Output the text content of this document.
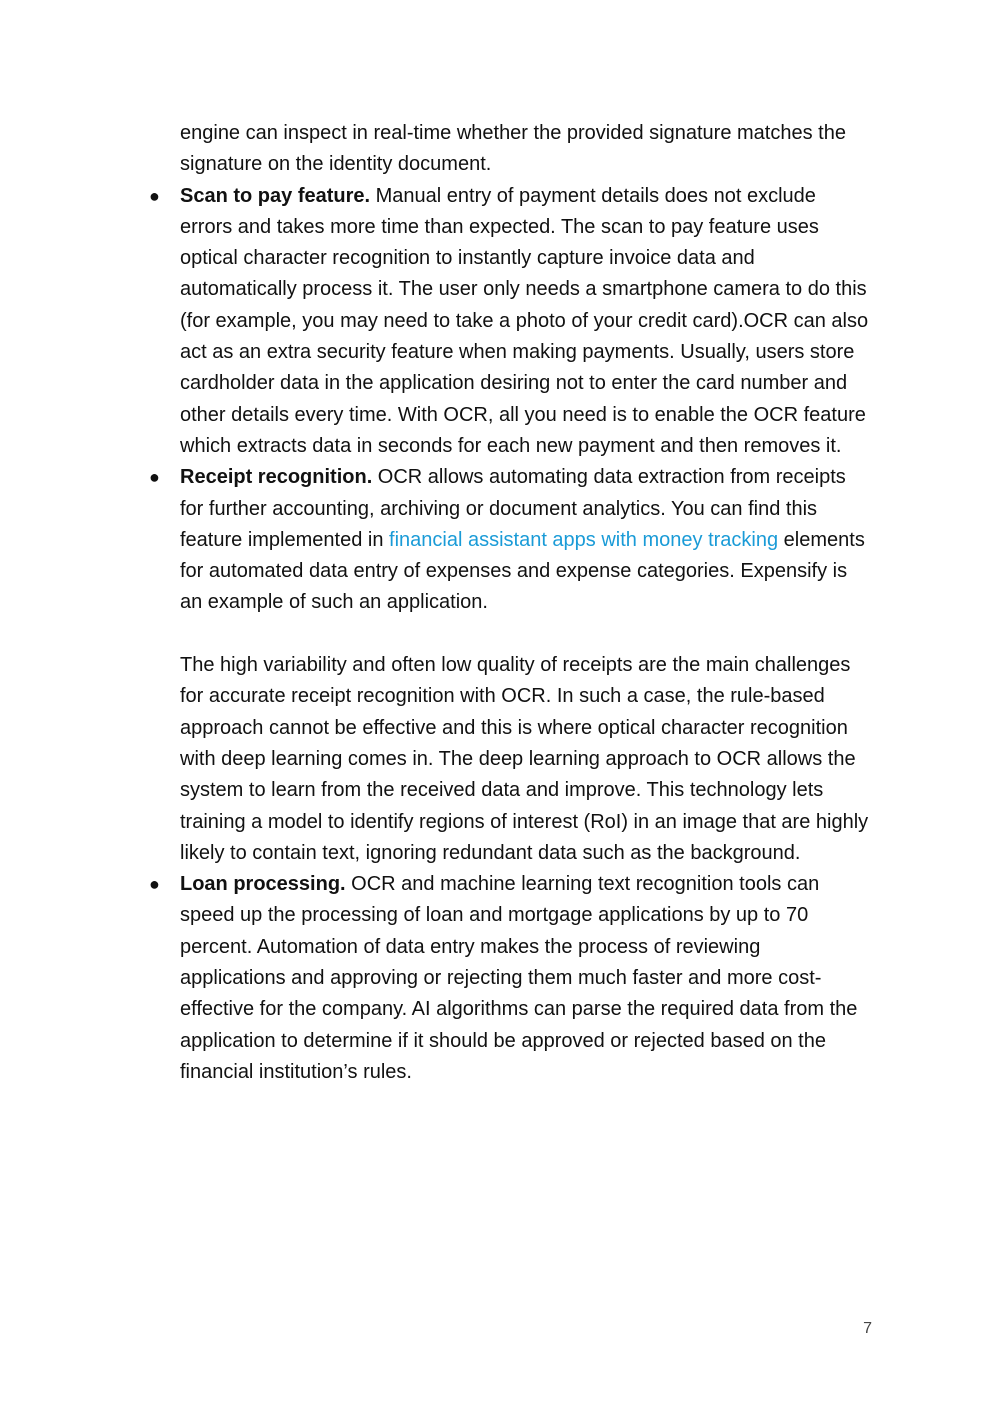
engine can inspect in real-time whether the provided signature matches the signature on the identity document.

● Scan to pay feature. Manual entry of payment details does not exclude errors and takes more time than expected. The scan to pay feature uses optical character recognition to instantly capture invoice data and automatically process it. The user only needs a smartphone camera to do this (for example, you may need to take a photo of your credit card).OCR can also act as an extra security feature when making payments. Usually, users store cardholder data in the application desiring not to enter the card number and other details every time. With OCR, all you need is to enable the OCR feature which extracts data in seconds for each new payment and then removes it.
● Receipt recognition. OCR allows automating data extraction from receipts for further accounting, archiving or document analytics. You can find this feature implemented in financial assistant apps with money tracking elements for automated data entry of expenses and expense categories. Expensify is an example of such an application.

The high variability and often low quality of receipts are the main challenges for accurate receipt recognition with OCR. In such a case, the rule-based approach cannot be effective and this is where optical character recognition with deep learning comes in. The deep learning approach to OCR allows the system to learn from the received data and improve. This technology lets training a model to identify regions of interest (RoI) in an image that are highly likely to contain text, ignoring redundant data such as the background.

● Loan processing. OCR and machine learning text recognition tools can speed up the processing of loan and mortgage applications by up to 70 percent. Automation of data entry makes the process of reviewing applications and approving or rejecting them much faster and more cost-effective for the company. AI algorithms can parse the required data from the application to determine if it should be approved or rejected based on the financial institution’s rules.
7
